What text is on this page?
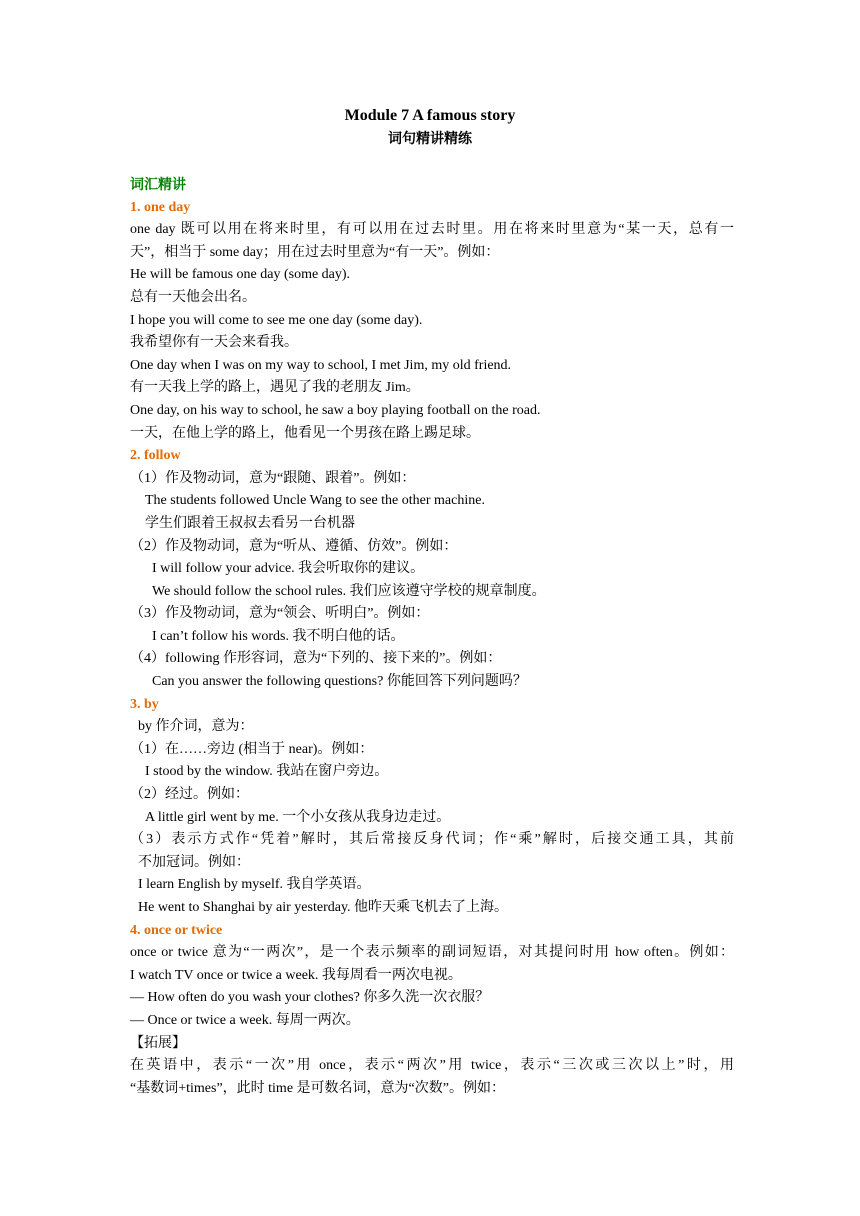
Module 7 A famous story
词句精讲精练
词汇精讲
1. one day
one day 既可以用在将来时里，有可以用在过去时里。用在将来时里意为“某一天，总有一
天”，相当于 some day；用在过去时里意为“有一天”。例如：
He will be famous one day (some day).
总有一天他会出名。
I hope you will come to see me one day (some day).
我希望你有一天会来看我。
One day when I was on my way to school, I met Jim, my old friend.
有一天我上学的路上，遇见了我的老朋友 Jim。
One day, on his way to school, he saw a boy playing football on the road.
一天，在他上学的路上，他看见一个男孩在路上踢足球。
2. follow
（1）作及物动词，意为“跟随、跟着”。例如：
The students followed Uncle Wang to see the other machine.
学生们跟着王叔叔去看另一台机器
（2）作及物动词，意为“听从、遵循、仿效”。例如：
I will follow your advice. 我会听取你的建议。
We should follow the school rules. 我们应该遵守学校的规章制度。
（3）作及物动词，意为“领会、听明白”。例如：
I can’t follow his words. 我不明白他的话。
（4）following 作形容词，意为“下列的、接下来的”。例如：
Can you answer the following questions? 你能回答下列问题吗？
3. by
by 作介词，意为：
（1）在……旁边 (相当于 near)。例如：
I stood by the window. 我站在窗户旁边。
（2）经过。例如：
A little girl went by me. 一个小女孩从我身边走过。
（3）表示方式作“凭着”解时，其后常接反身代词；作“乘”解时，后接交通工具，其前
不加冠词。例如：
I learn English by myself. 我自学英语。
He went to Shanghai by air yesterday. 他昨天乘飞机去了上海。
4. once or twice
once or twice 意为“一两次”，是一个表示频率的副词短语，对其提问时用 how often。例如：
I watch TV once or twice a week. 我每周看一两次电视。
— How often do you wash your clothes? 你多久洗一次衣服？
— Once or twice a week. 每周一两次。
【拓展】
在英语中，表示“一次”用 once，表示“两次”用 twice，表示“三次或三次以上”时，用
“基数词+times”，此时 time 是可数名词，意为“次数”。例如：
